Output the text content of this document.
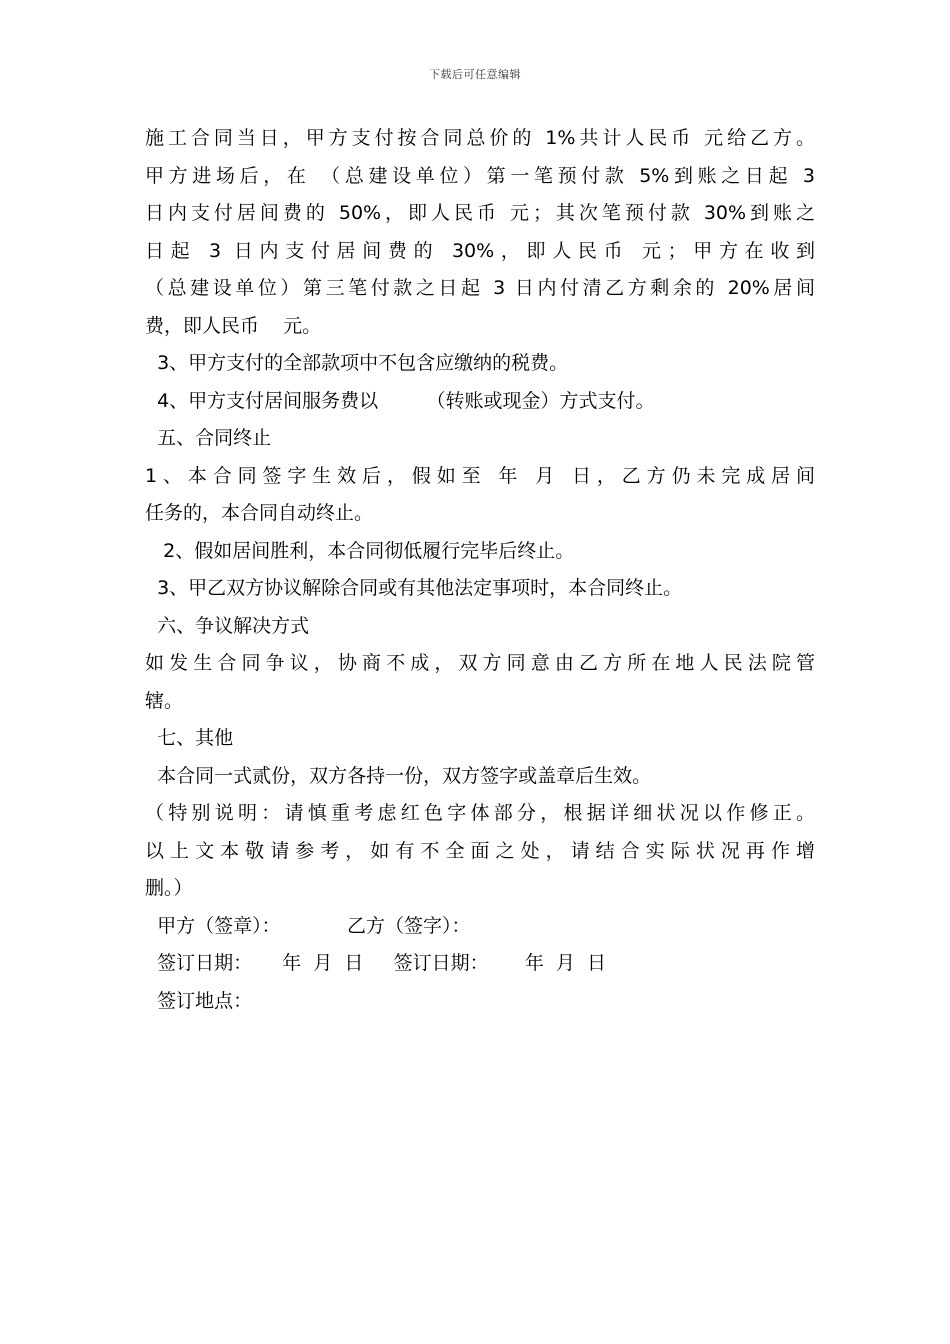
下载后可任意编辑
施工合同当日，甲方支付按合同总价的 1%共计人民币 元给乙方。
甲方进场后，在 （总建设单位）第一笔预付款 5%到账之日起 3
日内支付居间费的 50%，即人民币 元；其次笔预付款 30%到账之
日起 3 日内支付居间费的 30%，即人民币 元；甲方在收到
（总建设单位）第三笔付款之日起 3 日内付清乙方剩余的 20%居间
费，即人民币    元。
3、甲方支付的全部款项中不包含应缴纳的税费。
4、甲方支付居间服务费以        （转账或现金）方式支付。
五、合同终止
1、本合同签字生效后，假如至 年 月 日，乙方仍未完成居间
任务的，本合同自动终止。
2、假如居间胜利，本合同彻低履行完毕后终止。
3、甲乙双方协议解除合同或有其他法定事项时，本合同终止。
六、争议解决方式
如发生合同争议，协商不成，双方同意由乙方所在地人民法院管
辖。
七、其他
本合同一式贰份，双方各持一份，双方签字或盖章后生效。
（特别说明：请慎重考虑红色字体部分，根据详细状况以作修正。
以上文本敬请参考，如有不全面之处，请结合实际状况再作增
删。）
甲方（签章）：           乙方（签字）：
签订日期：     年  月  日     签订日期：      年  月  日
签订地点：
